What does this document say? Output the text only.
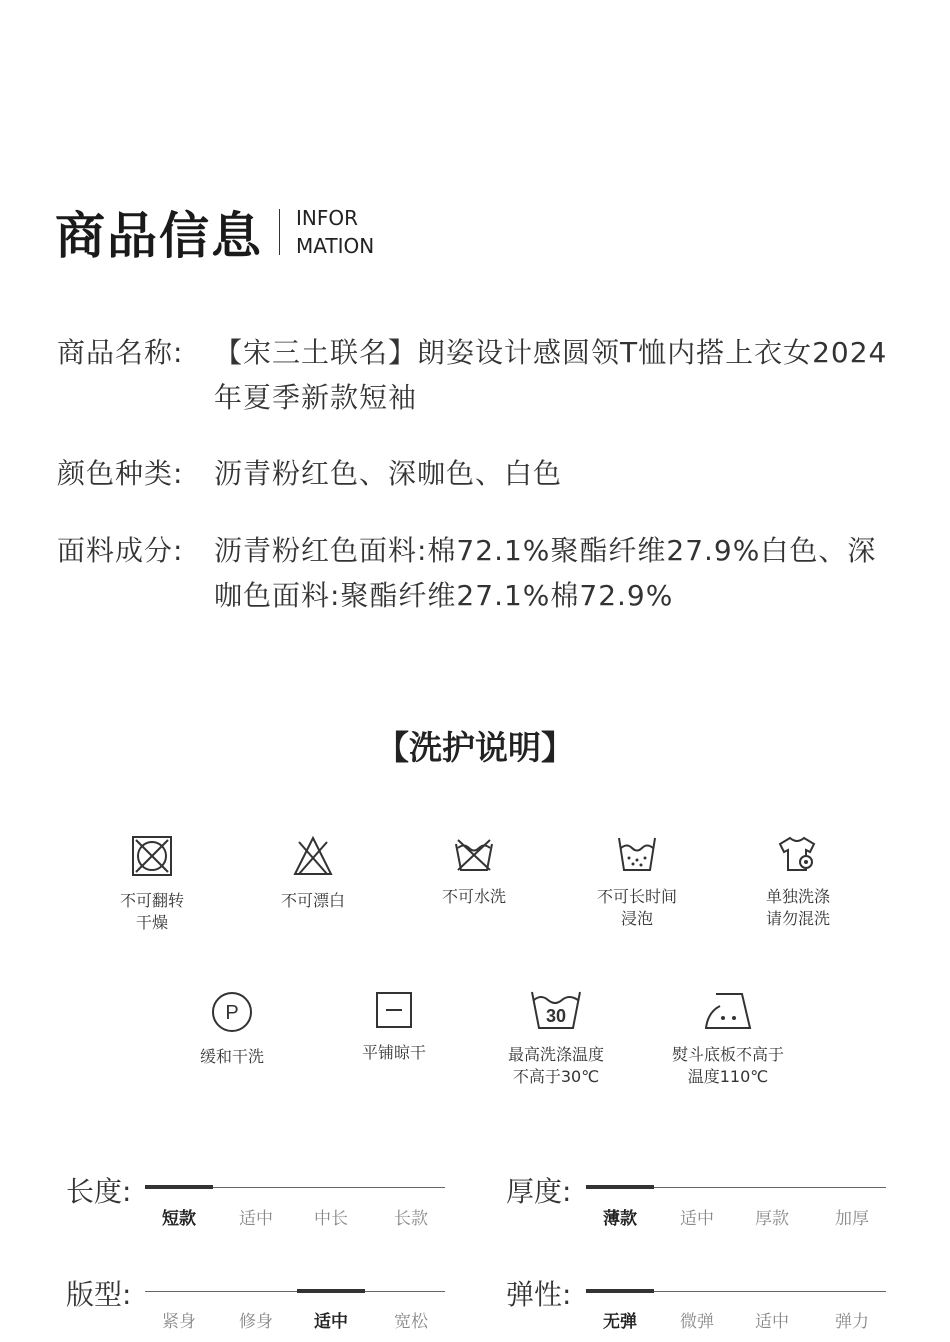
商品信息 INFOR
MATION
商品名称:	【宋三土联名】朗姿设计感圆领T恤内搭上衣女2024年夏季新款短袖
颜色种类:	沥青粉红色、深咖色、白色
面料成分:	沥青粉红色面料:棉72.1%聚酯纤维27.9%白色、深咖色面料:聚酯纤维27.1%棉72.9%
【洗护说明】
不可翻转
干燥
不可漂白	不可水洗	不可长时间
浸泡
单独洗涤
请勿混洗
P
缓和干洗	平铺晾干
30
最高洗涤温度
不高于30℃
熨斗底板不高于
温度110℃
长度:
短款	适中	中长	长款
厚度:
薄款	适中	厚款	加厚
版型:
紧身	修身	适中	宽松
弹性:
无弹	微弹	适中	弹力
